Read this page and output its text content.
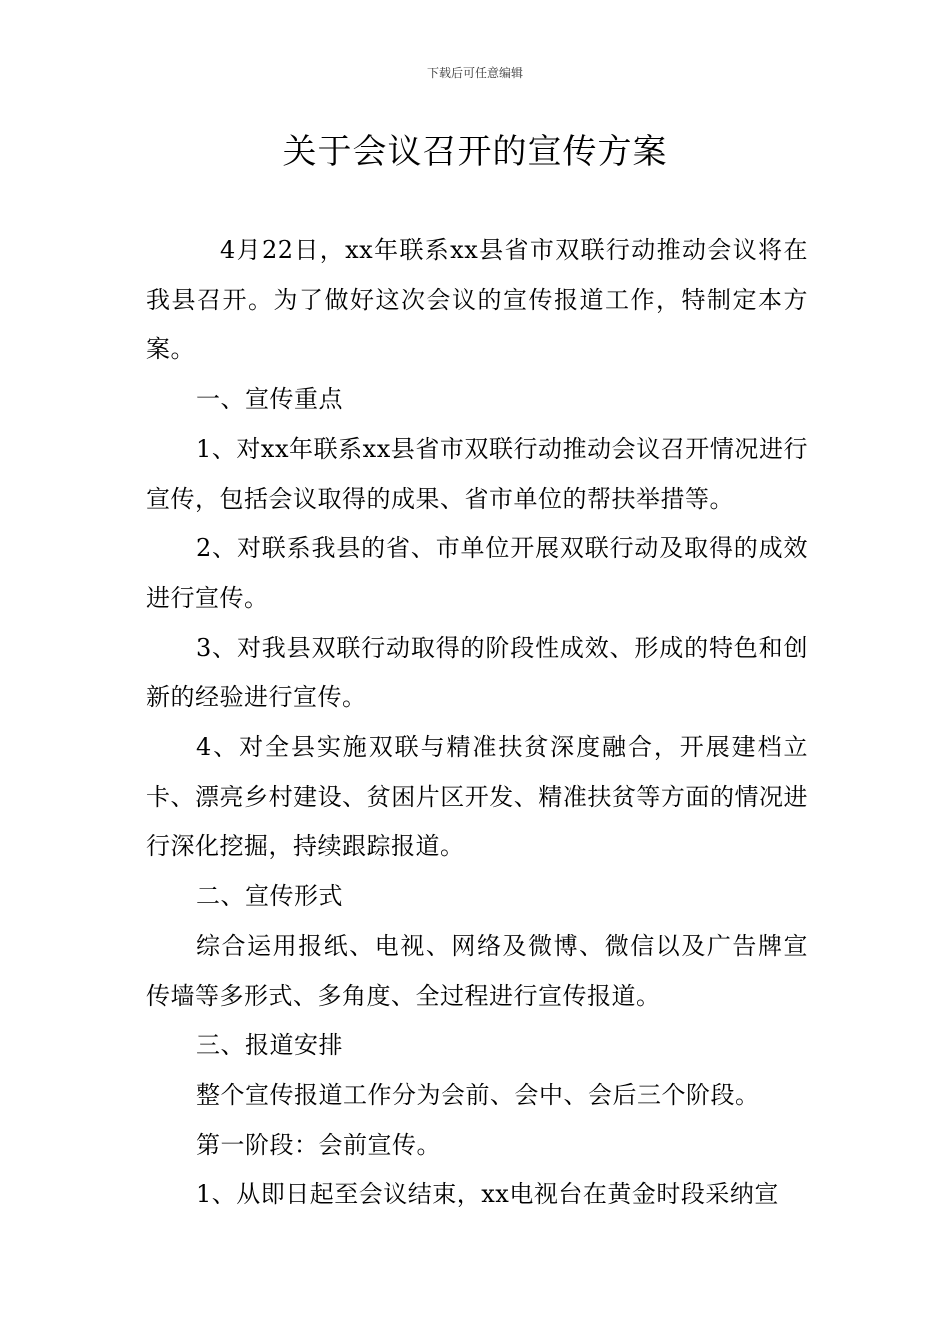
下载后可任意编辑
关于会议召开的宣传方案

4月22日，xx年联系xx县省市双联行动推动会议将在我县召开。为了做好这次会议的宣传报道工作，特制定本方案。

一、宣传重点

1、对xx年联系xx县省市双联行动推动会议召开情况进行宣传，包括会议取得的成果、省市单位的帮扶举措等。

2、对联系我县的省、市单位开展双联行动及取得的成效进行宣传。

3、对我县双联行动取得的阶段性成效、形成的特色和创新的经验进行宣传。

4、对全县实施双联与精准扶贫深度融合，开展建档立卡、漂亮乡村建设、贫困片区开发、精准扶贫等方面的情况进行深化挖掘，持续跟踪报道。

二、宣传形式

综合运用报纸、电视、网络及微博、微信以及广告牌宣传墙等多形式、多角度、全过程进行宣传报道。

三、报道安排

整个宣传报道工作分为会前、会中、会后三个阶段。

第一阶段：会前宣传。

1、从即日起至会议结束，xx电视台在黄金时段采纳宣
